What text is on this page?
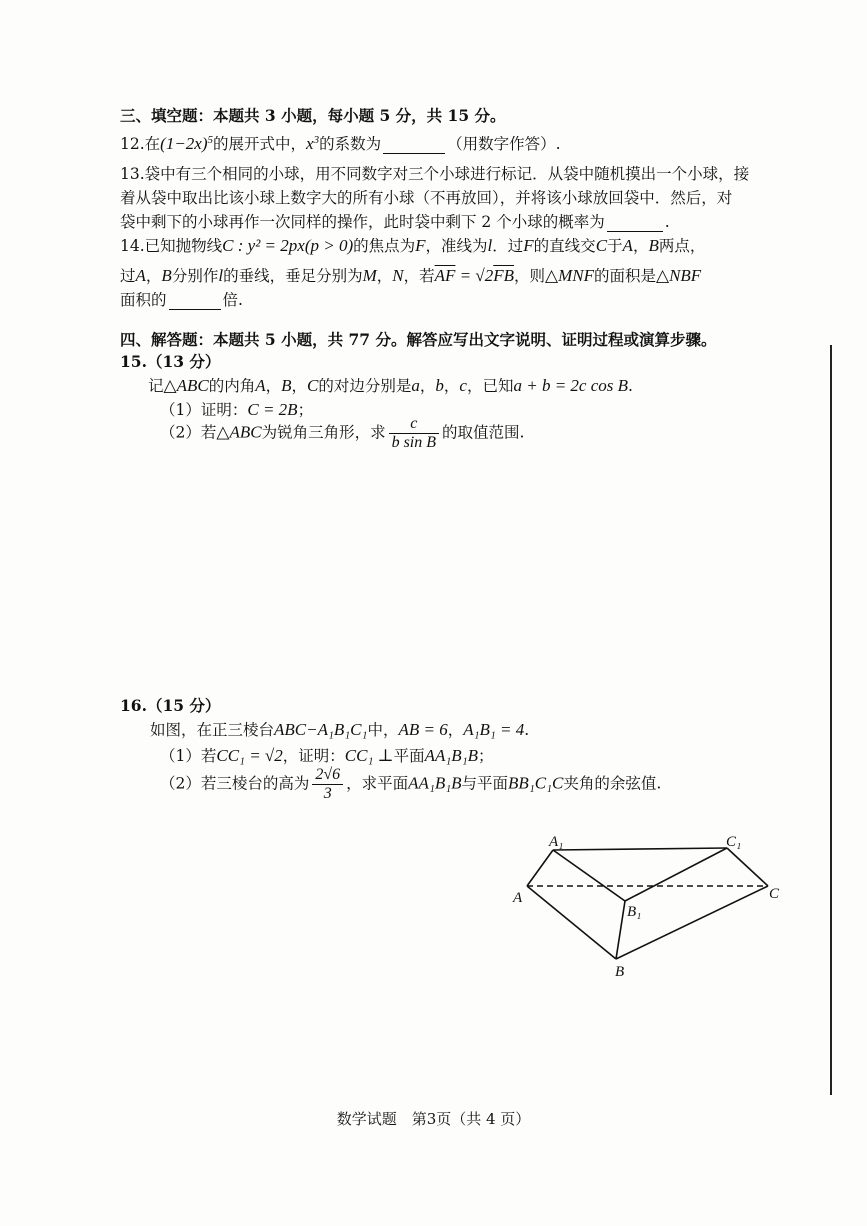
三、填空题：本题共 3 小题，每小题 5 分，共 15 分。
12.在$(1-2x)^5$的展开式中，$x^3$的系数为	（用数字作答）.
13.袋中有三个相同的小球，用不同数字对三个小球进行标记．从袋中随机摸出一个小球，接
着从袋中取出比该小球上数字大的所有小球（不再放回），并将该小球放回袋中．然后，对
袋中剩下的小球再作一次同样的操作，此时袋中剩下 2 个小球的概率为	.
14.已知抛物线C : y² = 2px(p > 0)的焦点为F，准线为l．过F的直线交C于A，B两点，
过A，B分别作l的垂线，垂足分别为M，N，若$\overline{AF} = √2\overline{FB}$，则△MNF的面积是△NBF
面积的	倍.
四、解答题：本题共 5 小题，共 77 分。解答应写出文字说明、证明过程或演算步骤。
15.（13 分）
记△ABC的内角A，B，C的对边分别是a，b，c，已知a + b = 2c cos B.
（1）证明：C = 2B；
（2）若△ABC为锐角三角形，求 $\frac{c}{\text{b sin B}}$ 的取值范围.
16.（15 分）
如图，在正三棱台ABC−A₁B₁C₁中，AB = 6，A₁B₁ = 4.
（1）若CC₁ = √2，证明：CC₁ ⊥平面AA₁B₁B；
（2）若三棱台的高为 $\frac{2√6}{3}$ ，求平面AA₁B₁B与平面BB₁C₁C夹角的余弦值.
A₁	C₁
A	C
B₁
B
数学试题　第3页（共 4 页）
